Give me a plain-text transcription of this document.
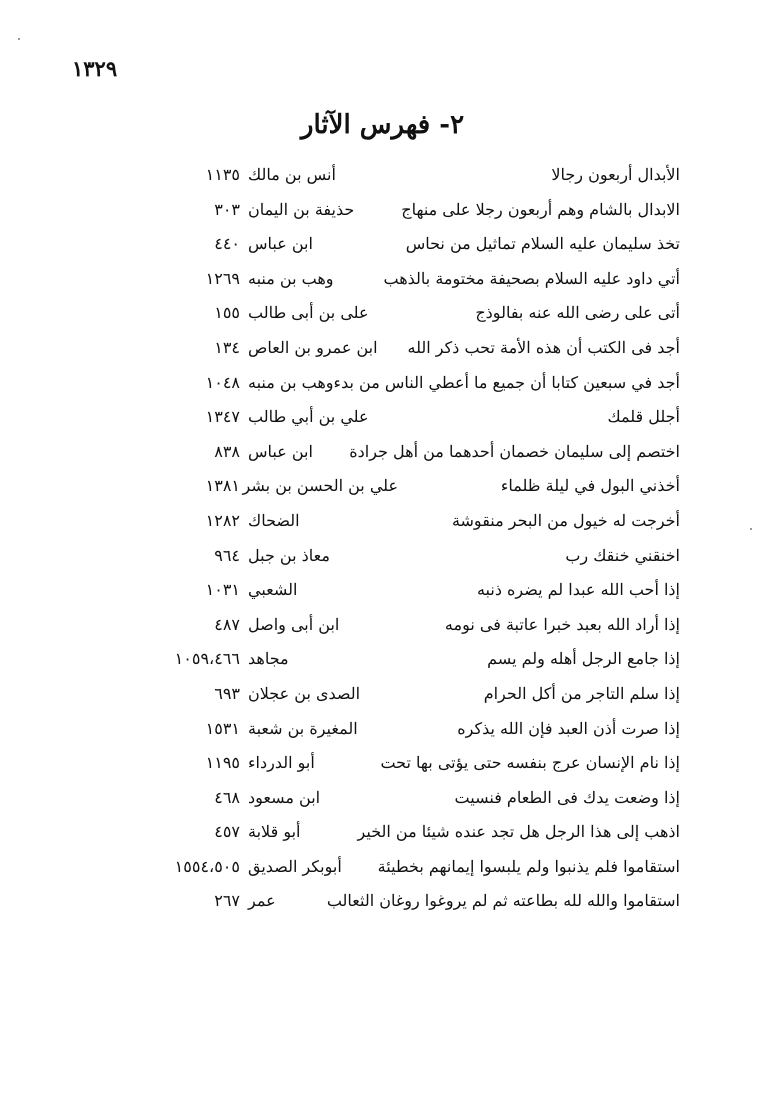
١٣٢٩
٢- فهرس الآثار
الأبدال أربعون رجالا
أنس بن مالك
١١٣٥
الابدال بالشام وهم أربعون رجلا على منهاج
حذيفة بن اليمان
٣٠٣
تخذ سليمان عليه السلام تماثيل من نحاس
ابن عباس
٤٤٠
أتي داود عليه السلام بصحيفة مختومة بالذهب
وهب بن منبه
١٢٦٩
أتى على رضى الله عنه بفالوذج
على بن أبى طالب
١٥٥
أجد فى الكتب أن هذه الأمة تحب ذكر الله
ابن عمرو بن العاص
١٣٤
أجد في سبعين كتابا أن جميع ما أعطي الناس من بدء
وهب بن منبه
١٠٤٨
أجلل قلمك
علي بن أبي طالب
١٣٤٧
اختصم إلى سليمان خصمان أحدهما من أهل جرادة
ابن عباس
٨٣٨
أخذني البول في ليلة ظلماء
علي بن الحسن بن بشر
١٣٨١
أخرجت له خيول من البحر منقوشة
الضحاك
١٢٨٢
اخنقني خنقك رب
معاذ بن جبل
٩٦٤
إذا أحب الله عبدا لم يضره ذنبه
الشعبي
١٠٣١
إذا أراد الله بعبد خبرا عاتبة فى نومه
ابن أبى واصل
٤٨٧
إذا جامع الرجل أهله ولم يسم
مجاهد
١٠٥٩،٤٦٦
إذا سلم التاجر من أكل الحرام
الصدى بن عجلان
٦٩٣
إذا صرت أذن العبد فإن الله يذكره
المغيرة بن شعبة
١٥٣١
إذا نام الإنسان عرج بنفسه حتى يؤتى بها تحت
أبو الدرداء
١١٩٥
إذا وضعت يدك فى الطعام فنسيت
ابن مسعود
٤٦٨
اذهب إلى هذا الرجل هل تجد عنده شيئا من الخير
أبو قلابة
٤٥٧
استقاموا فلم يذنبوا ولم يلبسوا إيمانهم بخطيئة
أبوبكر الصديق
١٥٥٤،٥٠٥
استقاموا والله لله بطاعته ثم لم يروغوا روغان الثعالب
عمر
٢٦٧
